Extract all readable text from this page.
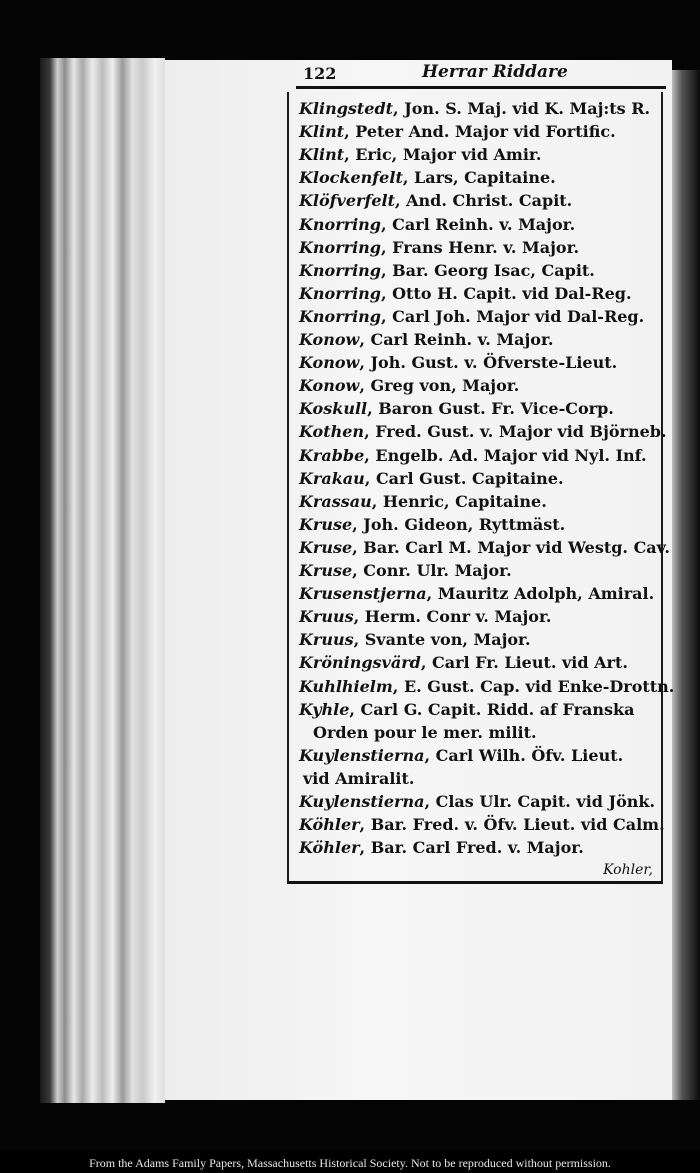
122	Herrar Riddare
Klingstedt, Jon. S. Maj. vid K. Maj:ts R.
Klint, Peter And. Major vid Fortific.
Klint, Eric, Major vid Amir.
Klockenfelt, Lars, Capitaine.
Klöfverfelt, And. Christ. Capit.
Knorring, Carl Reinh. v. Major.
Knorring, Frans Henr. v. Major.
Knorring, Bar. Georg Isac, Capit.
Knorring, Otto H. Capit. vid Dal-Reg.
Knorring, Carl Joh. Major vid Dal-Reg.
Konow, Carl Reinh. v. Major.
Konow, Joh. Gust. v. Öfverste-Lieut.
Konow, Greg von, Major.
Koskull, Baron Gust. Fr. Vice-Corp.
Kothen, Fred. Gust. v. Major vid Björneb.
Krabbe, Engelb. Ad. Major vid Nyl. Inf.
Krakau, Carl Gust. Capitaine.
Krassau, Henric, Capitaine.
Kruse, Joh. Gideon, Ryttmäst.
Kruse, Bar. Carl M. Major vid Westg. Cav.
Kruse, Conr. Ulr. Major.
Krusenstjerna, Mauritz Adolph, Amiral.
Kruus, Herm. Conr v. Major.
Kruus, Svante von, Major.
Kröningsvärd, Carl Fr. Lieut. vid Art.
Kuhlhielm, E. Gust. Cap. vid Enke-Drottn.
Kyhle, Carl G. Capit. Ridd. af Franska
Orden pour le mer. milit.
Kuylenstierna, Carl Wilh. Öfv. Lieut.
vid Amiralit.
Kuylenstierna, Clas Ulr. Capit. vid Jönk.
Köhler, Bar. Fred. v. Öfv. Lieut. vid Calm.
Köhler, Bar. Carl Fred. v. Major.
Kohler,
From the Adams Family Papers, Massachusetts Historical Society. Not to be reproduced without permission.
